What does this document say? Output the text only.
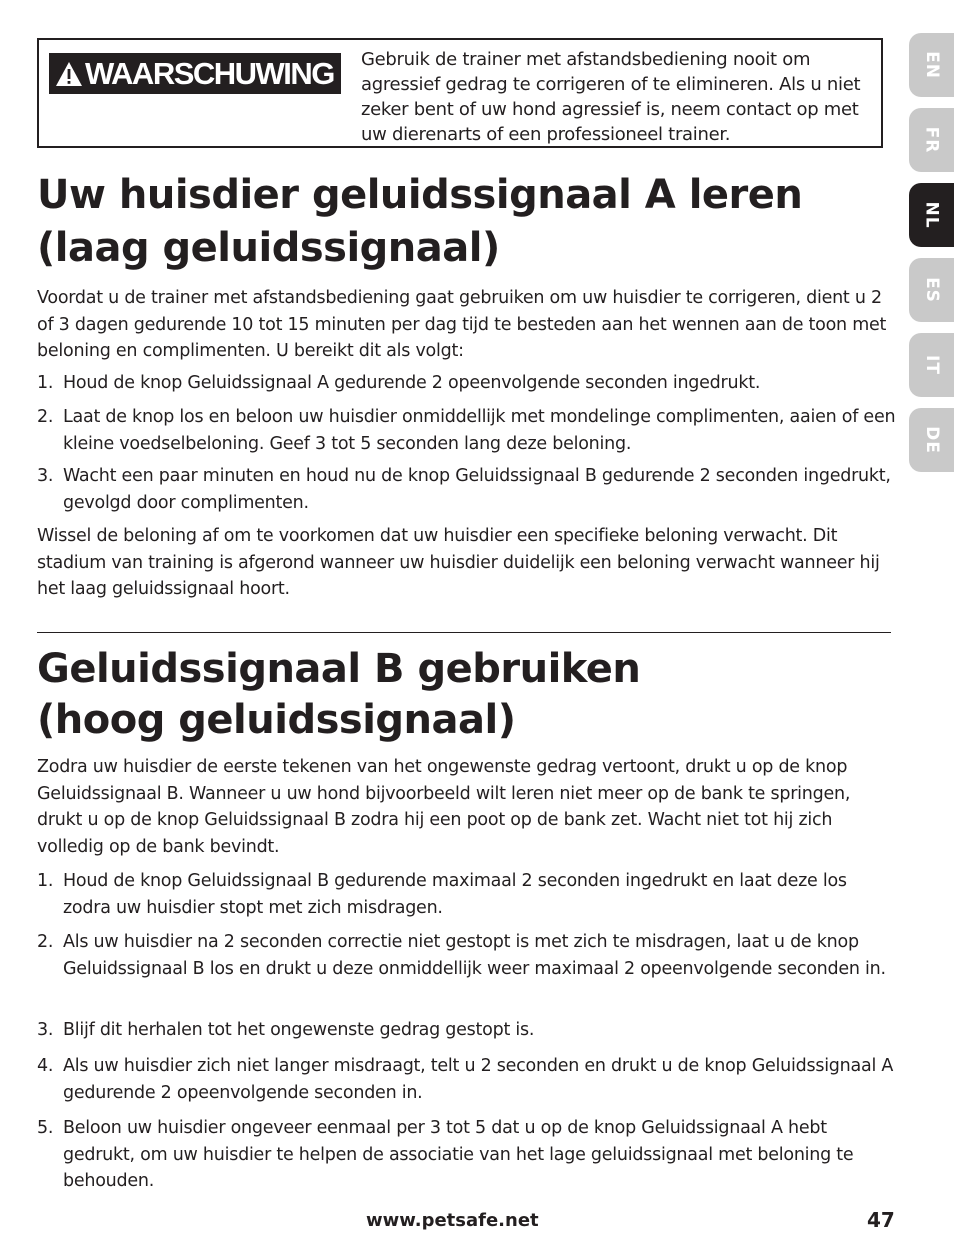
WAARSCHUWING Gebruik de trainer met afstandsbediening nooit om agressief gedrag te corrigeren of te elimineren. Als u niet zeker bent of uw hond agressief is, neem contact op met uw dierenarts of een professioneel trainer.
Uw huisdier geluidssignaal A leren
(laag geluidssignaal)
Voordat u de trainer met afstandsbediening gaat gebruiken om uw huisdier te corrigeren, dient u 2 of 3 dagen gedurende 10 tot 15 minuten per dag tijd te besteden aan het wennen aan de toon met beloning en complimenten. U bereikt dit als volgt:
1. Houd de knop Geluidssignaal A gedurende 2 opeenvolgende seconden ingedrukt.
2. Laat de knop los en beloon uw huisdier onmiddellijk met mondelinge complimenten, aaien of een kleine voedselbeloning. Geef 3 tot 5 seconden lang deze beloning.
3. Wacht een paar minuten en houd nu de knop Geluidssignaal B gedurende 2 seconden ingedrukt, gevolgd door complimenten.
Wissel de beloning af om te voorkomen dat uw huisdier een specifieke beloning verwacht. Dit stadium van training is afgerond wanneer uw huisdier duidelijk een beloning verwacht wanneer hij het laag geluidssignaal hoort.
Geluidssignaal B gebruiken
(hoog geluidssignaal)
Zodra uw huisdier de eerste tekenen van het ongewenste gedrag vertoont, drukt u op de knop Geluidssignaal B. Wanneer u uw hond bijvoorbeeld wilt leren niet meer op de bank te springen, drukt u op de knop Geluidssignaal B zodra hij een poot op de bank zet. Wacht niet tot hij zich volledig op de bank bevindt.
1. Houd de knop Geluidssignaal B gedurende maximaal 2 seconden ingedrukt en laat deze los zodra uw huisdier stopt met zich misdragen.
2. Als uw huisdier na 2 seconden correctie niet gestopt is met zich te misdragen, laat u de knop Geluidssignaal B los en drukt u deze onmiddellijk weer maximaal 2 opeenvolgende seconden in.
3. Blijf dit herhalen tot het ongewenste gedrag gestopt is.
4. Als uw huisdier zich niet langer misdraagt, telt u 2 seconden en drukt u de knop Geluidssignaal A gedurende 2 opeenvolgende seconden in.
5. Beloon uw huisdier ongeveer eenmaal per 3 tot 5 dat u op de knop Geluidssignaal A hebt gedrukt, om uw huisdier te helpen de associatie van het lage geluidssignaal met beloning te behouden.
EN
FR
NL
ES
IT
DE
www.petsafe.net	47
